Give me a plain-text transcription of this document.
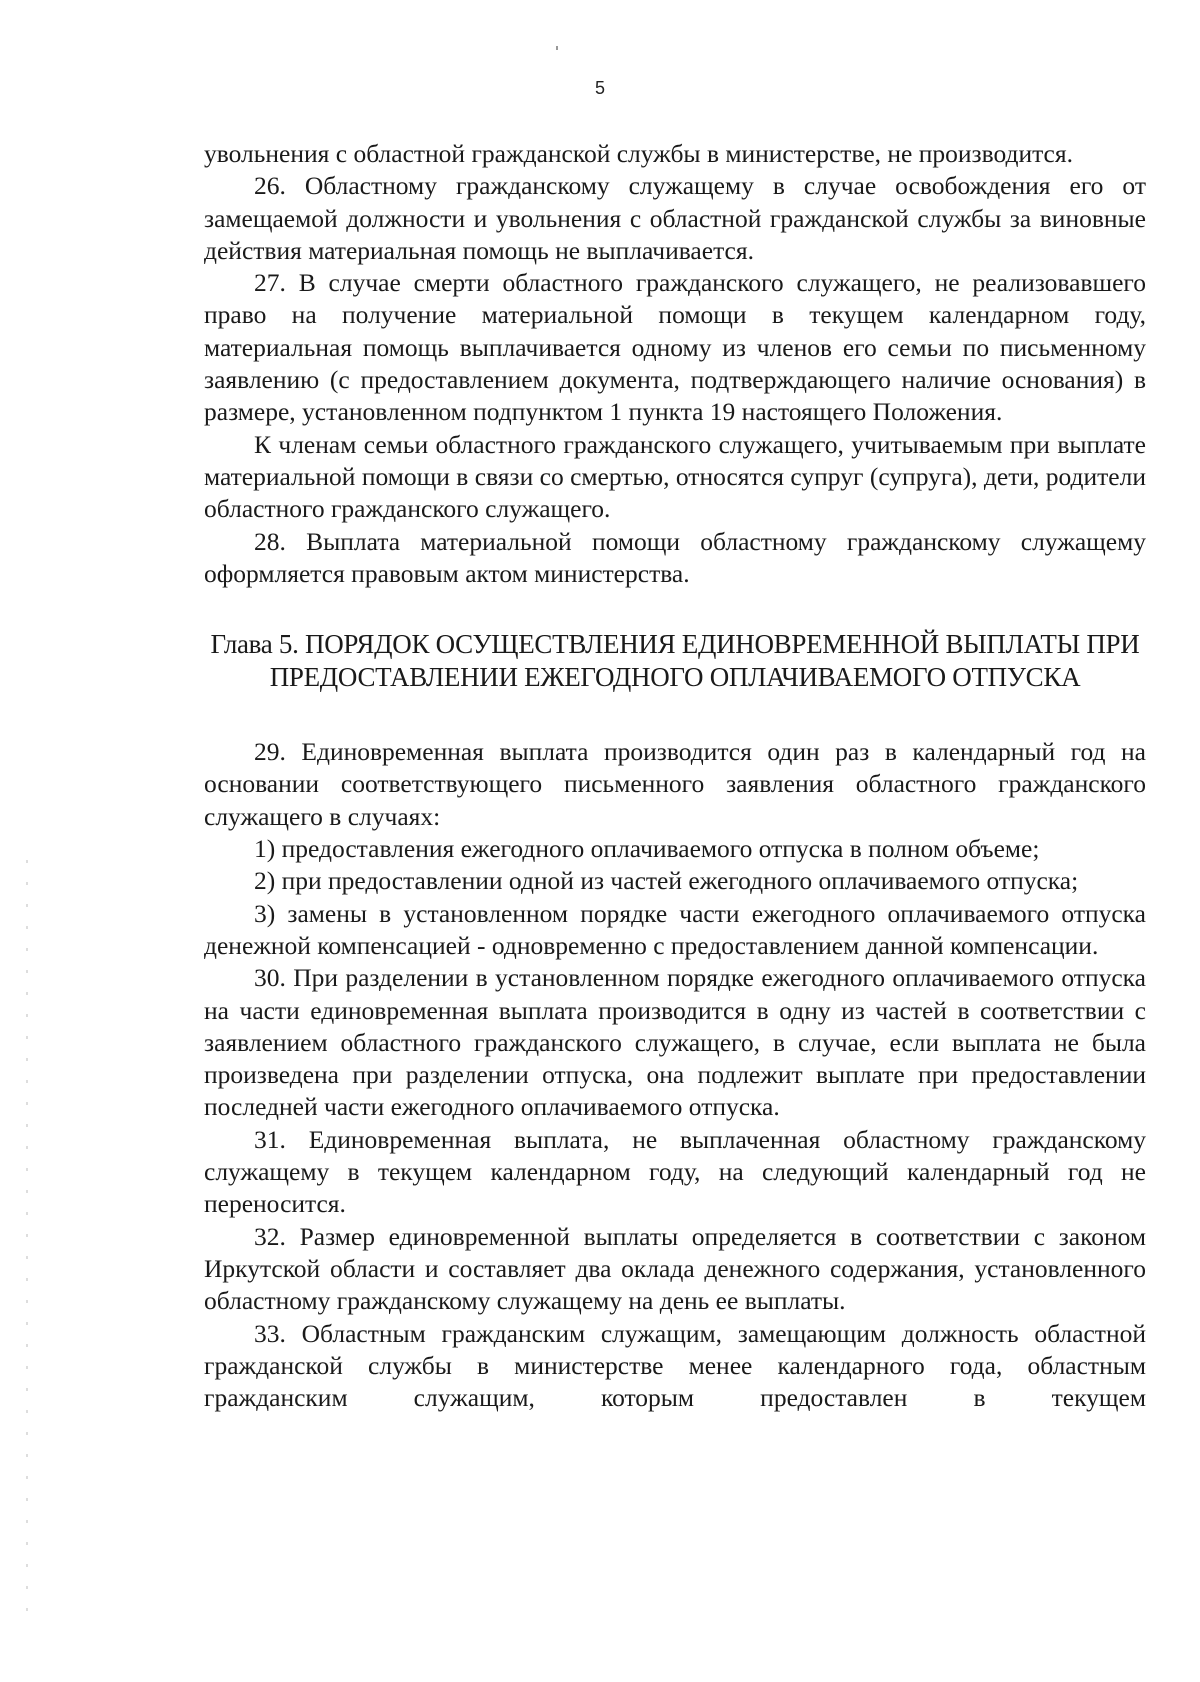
5

увольнения с областной гражданской службы в министерстве, не производится.

26. Областному гражданскому служащему в случае освобождения его от замещаемой должности и увольнения с областной гражданской службы за виновные действия материальная помощь не выплачивается.

27. В случае смерти областного гражданского служащего, не реализовавшего право на получение материальной помощи в текущем календарном году, материальная помощь выплачивается одному из членов его семьи по письменному заявлению (с предоставлением документа, подтверждающего наличие основания) в размере, установленном подпунктом 1 пункта 19 настоящего Положения.

К членам семьи областного гражданского служащего, учитываемым при выплате материальной помощи в связи со смертью, относятся супруг (супруга), дети, родители областного гражданского служащего.

28. Выплата материальной помощи областному гражданскому служащему оформляется правовым актом министерства.

Глава 5. ПОРЯДОК ОСУЩЕСТВЛЕНИЯ ЕДИНОВРЕМЕННОЙ ВЫПЛАТЫ ПРИ ПРЕДОСТАВЛЕНИИ ЕЖЕГОДНОГО ОПЛАЧИВАЕМОГО ОТПУСКА

29. Единовременная выплата производится один раз в календарный год на основании соответствующего письменного заявления областного гражданского служащего в случаях:

1) предоставления ежегодного оплачиваемого отпуска в полном объеме;

2) при предоставлении одной из частей ежегодного оплачиваемого отпуска;

3) замены в установленном порядке части ежегодного оплачиваемого отпуска денежной компенсацией - одновременно с предоставлением данной компенсации.

30. При разделении в установленном порядке ежегодного оплачиваемого отпуска на части единовременная выплата производится в одну из частей в соответствии с заявлением областного гражданского служащего, в случае, если выплата не была произведена при разделении отпуска, она подлежит выплате при предоставлении последней части ежегодного оплачиваемого отпуска.

31. Единовременная выплата, не выплаченная областному гражданскому служащему в текущем календарном году, на следующий календарный год не переносится.

32. Размер единовременной выплаты определяется в соответствии с законом Иркутской области и составляет два оклада денежного содержания, установленного областному гражданскому служащему на день ее выплаты.

33. Областным гражданским служащим, замещающим должность областной гражданской службы в министерстве менее календарного года, областным гражданским служащим, которым предоставлен в текущем
